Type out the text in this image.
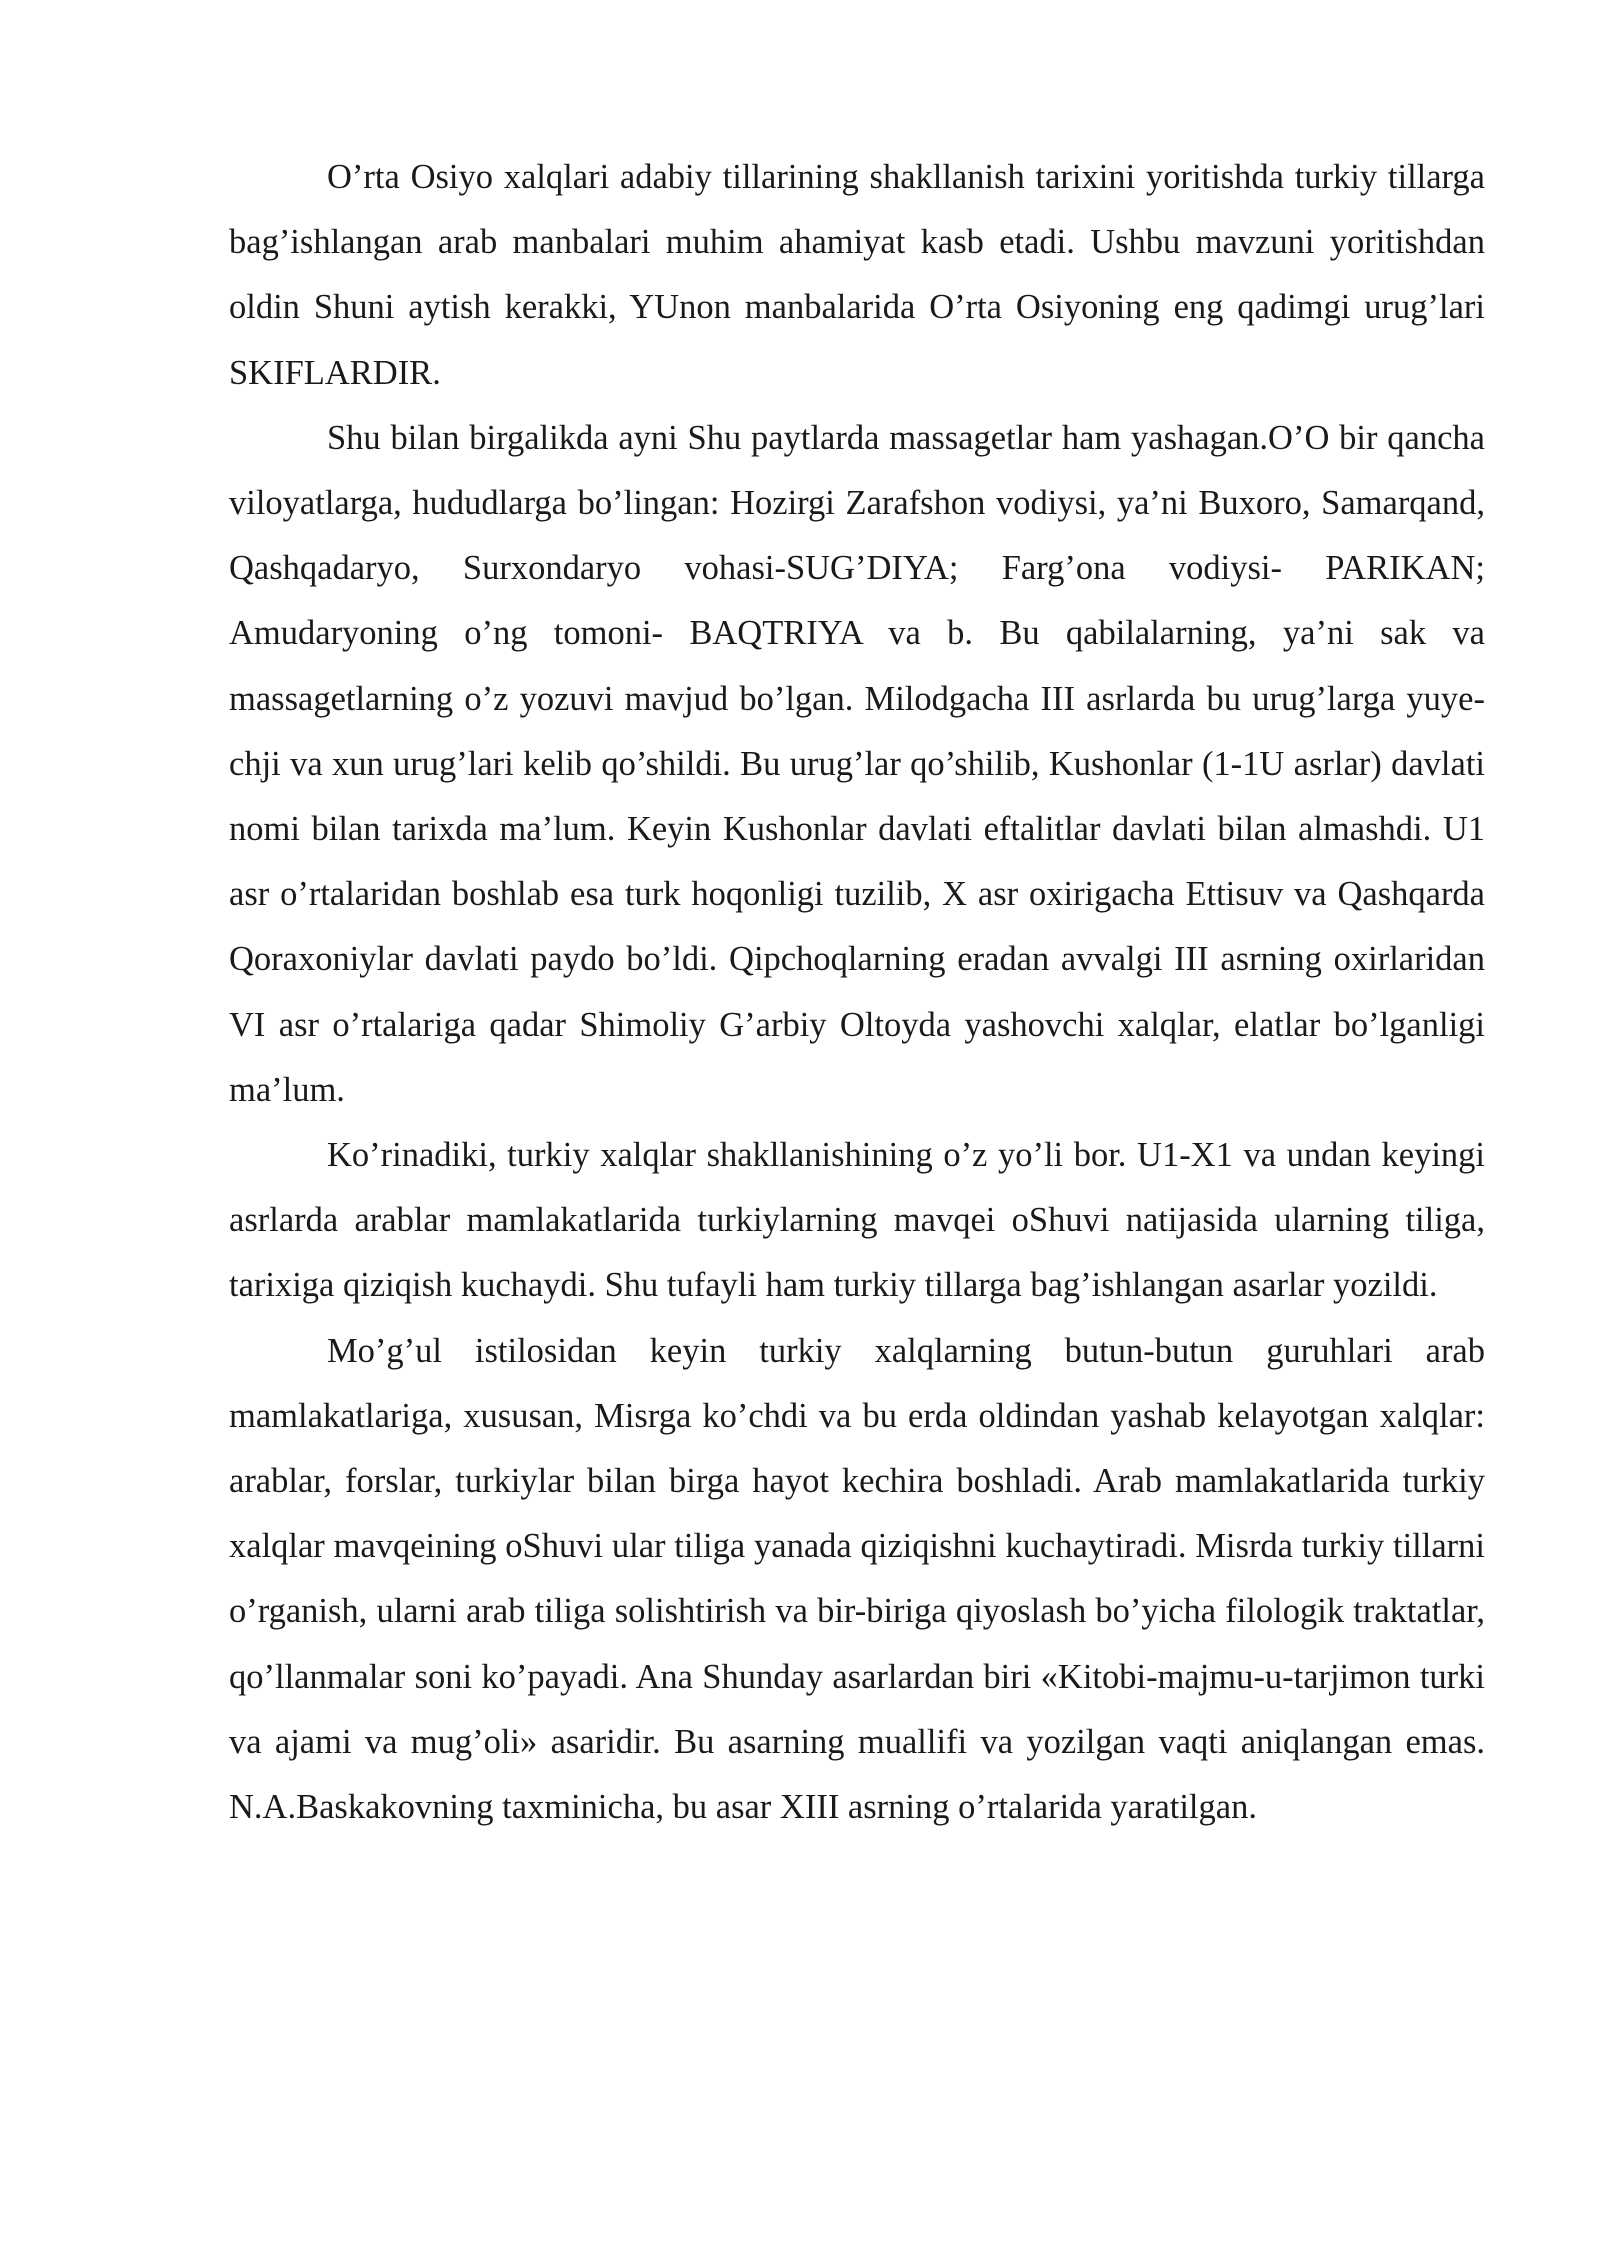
O’rta Osiyo xalqlari adabiy tillarining shakllanish tarixini yoritishda turkiy tillarga bag’ishlangan arab manbalari muhim ahamiyat kasb etadi. Ushbu mavzuni yoritishdan oldin Shuni aytish kerakki, YUnon manbalarida O’rta Osiyoning eng qadimgi urug’lari SKIFLARDIR.

Shu bilan birgalikda ayni Shu paytlarda massagetlar ham yashagan.O’O bir qancha viloyatlarga, hududlarga bo’lingan: Hozirgi Zarafshon vodiysi, ya’ni Buxoro, Samarqand, Qashqadaryo, Surxondaryo vohasi-SUG’DIYA; Farg’ona vodiysi- PARIKAN; Amudaryoning o’ng tomoni- BAQTRIYA va b. Bu qabilalarning, ya’ni sak va massagetlarning o’z yozuvi mavjud bo’lgan. Milodgacha III asrlarda bu urug’larga yuye-chji va xun urug’lari kelib qo’shildi. Bu urug’lar qo’shilib, Kushonlar (1-1U asrlar) davlati nomi bilan tarixda ma’lum. Keyin Kushonlar davlati eftalitlar davlati bilan almashdi. U1 asr o’rtalaridan boshlab esa turk hoqonligi tuzilib, X asr oxirigacha Ettisuv va Qashqarda Qoraxoniylar davlati paydo bo’ldi. Qipchoqlarning eradan avvalgi III asrning oxirlaridan VI asr o’rtalariga qadar Shimoliy G’arbiy Oltoyda yashovchi xalqlar, elatlar bo’lganligi ma’lum.

Ko’rinadiki, turkiy xalqlar shakllanishining o’z yo’li bor. U1-X1 va undan keyingi asrlarda arablar mamlakatlarida turkiylarning mavqei oShuvi natijasida ularning tiliga, tarixiga qiziqish kuchaydi. Shu tufayli ham turkiy tillarga bag’ishlangan asarlar yozildi.

Mo’g’ul istilosidan keyin turkiy xalqlarning butun-butun guruhlari arab mamlakatlariga, xususan, Misrga ko’chdi va bu erda oldindan yashab kelayotgan xalqlar: arablar, forslar, turkiylar bilan birga hayot kechira boshladi. Arab mamlakatlarida turkiy xalqlar mavqeining oShuvi ular tiliga yanada qiziqishni kuchaytiradi. Misrda turkiy tillarni o’rganish, ularni arab tiliga solishtirish va bir-biriga qiyoslash bo’yicha filologik traktatlar, qo’llanmalar soni ko’payadi. Ana Shunday asarlardan biri «Kitobi-majmu-u-tarjimon turki va ajami va mug’oli» asaridir. Bu asarning muallifi va yozilgan vaqti aniqlangan emas. N.A.Baskakovning taxminicha, bu asar XIII asrning o’rtalarida yaratilgan.
